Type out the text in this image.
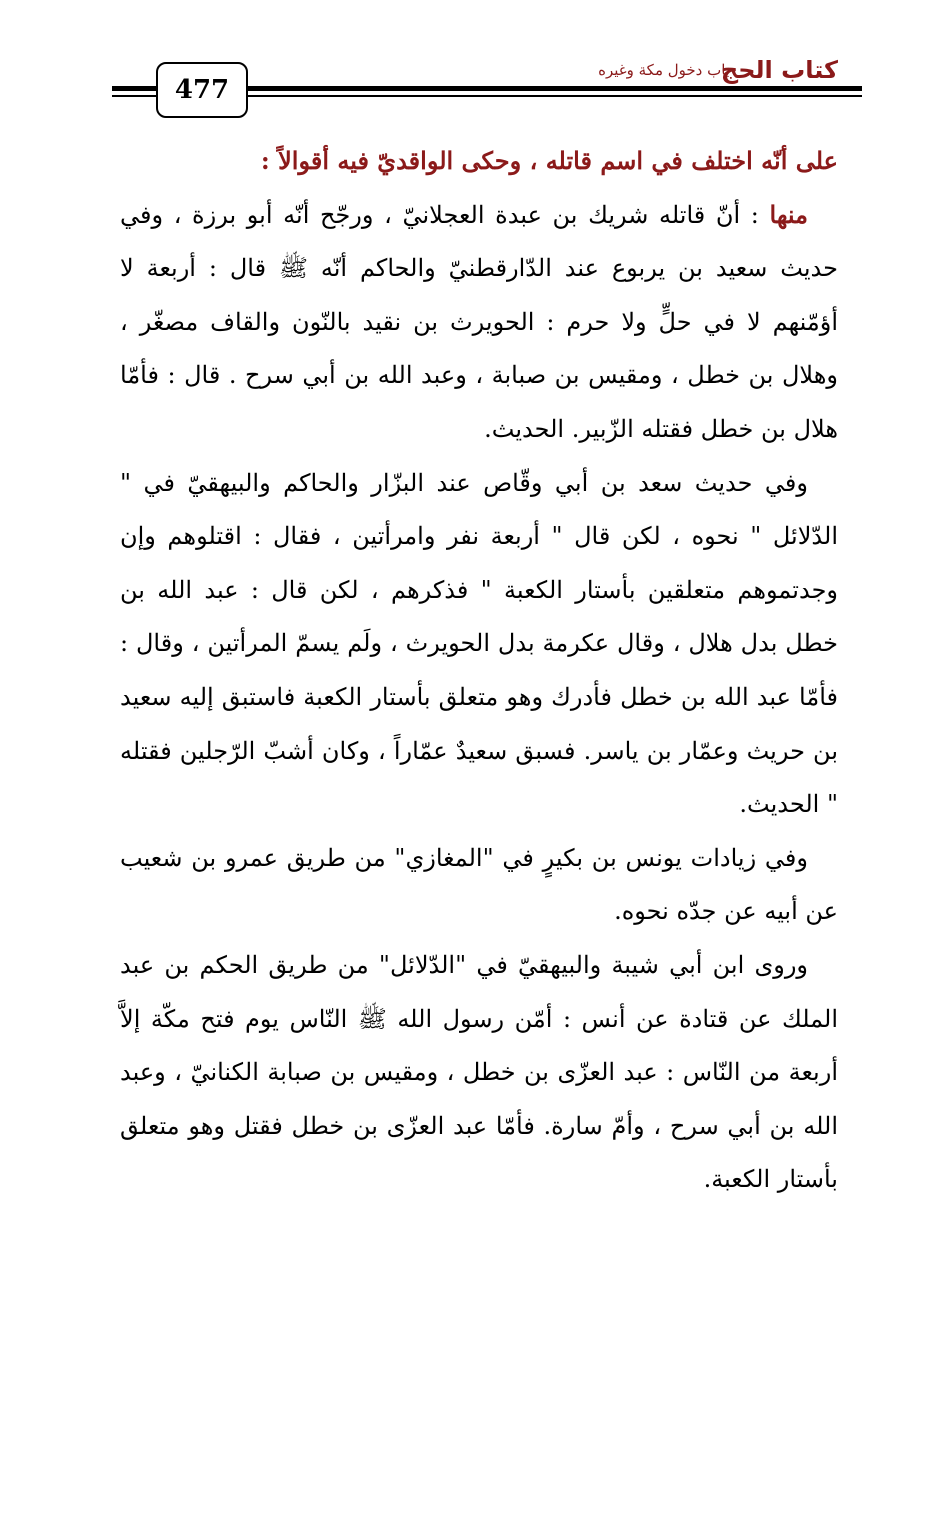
كتاب الحج
باب دخول مكة وغيره
477

على أنّه اختلف في اسم قاتله ، وحكى الواقديّ فيه أقوالاً :

منها : أنّ قاتله شريك بن عبدة العجلانيّ ، ورجّح أنّه أبو برزة ، وفي حديث سعيد بن يربوع عند الدّارقطنيّ والحاكم أنّه ﷺ قال : أربعة لا أؤمّنهم لا في حلٍّ ولا حرم : الحويرث بن نقيد بالنّون والقاف مصغّر ، وهلال بن خطل ، ومقيس بن صبابة ، وعبد الله بن أبي سرح . قال : فأمّا هلال بن خطل فقتله الزّبير. الحديث.

وفي حديث سعد بن أبي وقّاص عند البزّار والحاكم والبيهقيّ في " الدّلائل " نحوه ، لكن قال " أربعة نفر وامرأتين ، فقال : اقتلوهم وإن وجدتموهم متعلقين بأستار الكعبة " فذكرهم ، لكن قال : عبد الله بن خطل بدل هلال ، وقال عكرمة بدل الحويرث ، ولَم يسمّ المرأتين ، وقال : فأمّا عبد الله بن خطل فأدرك وهو متعلق بأستار الكعبة فاستبق إليه سعيد بن حريث وعمّار بن ياسر. فسبق سعيدٌ عمّاراً ، وكان أشبّ الرّجلين فقتله " الحديث.

وفي زيادات يونس بن بكيرٍ في "المغازي" من طريق عمرو بن شعيب عن أبيه عن جدّه نحوه.

وروى ابن أبي شيبة والبيهقيّ في "الدّلائل" من طريق الحكم بن عبد الملك عن قتادة عن أنس : أمّن رسول الله ﷺ النّاس يوم فتح مكّة إلاَّ أربعة من النّاس : عبد العزّى بن خطل ، ومقيس بن صبابة الكنانيّ ، وعبد الله بن أبي سرح ، وأمّ سارة. فأمّا عبد العزّى بن خطل فقتل وهو متعلق بأستار الكعبة.
